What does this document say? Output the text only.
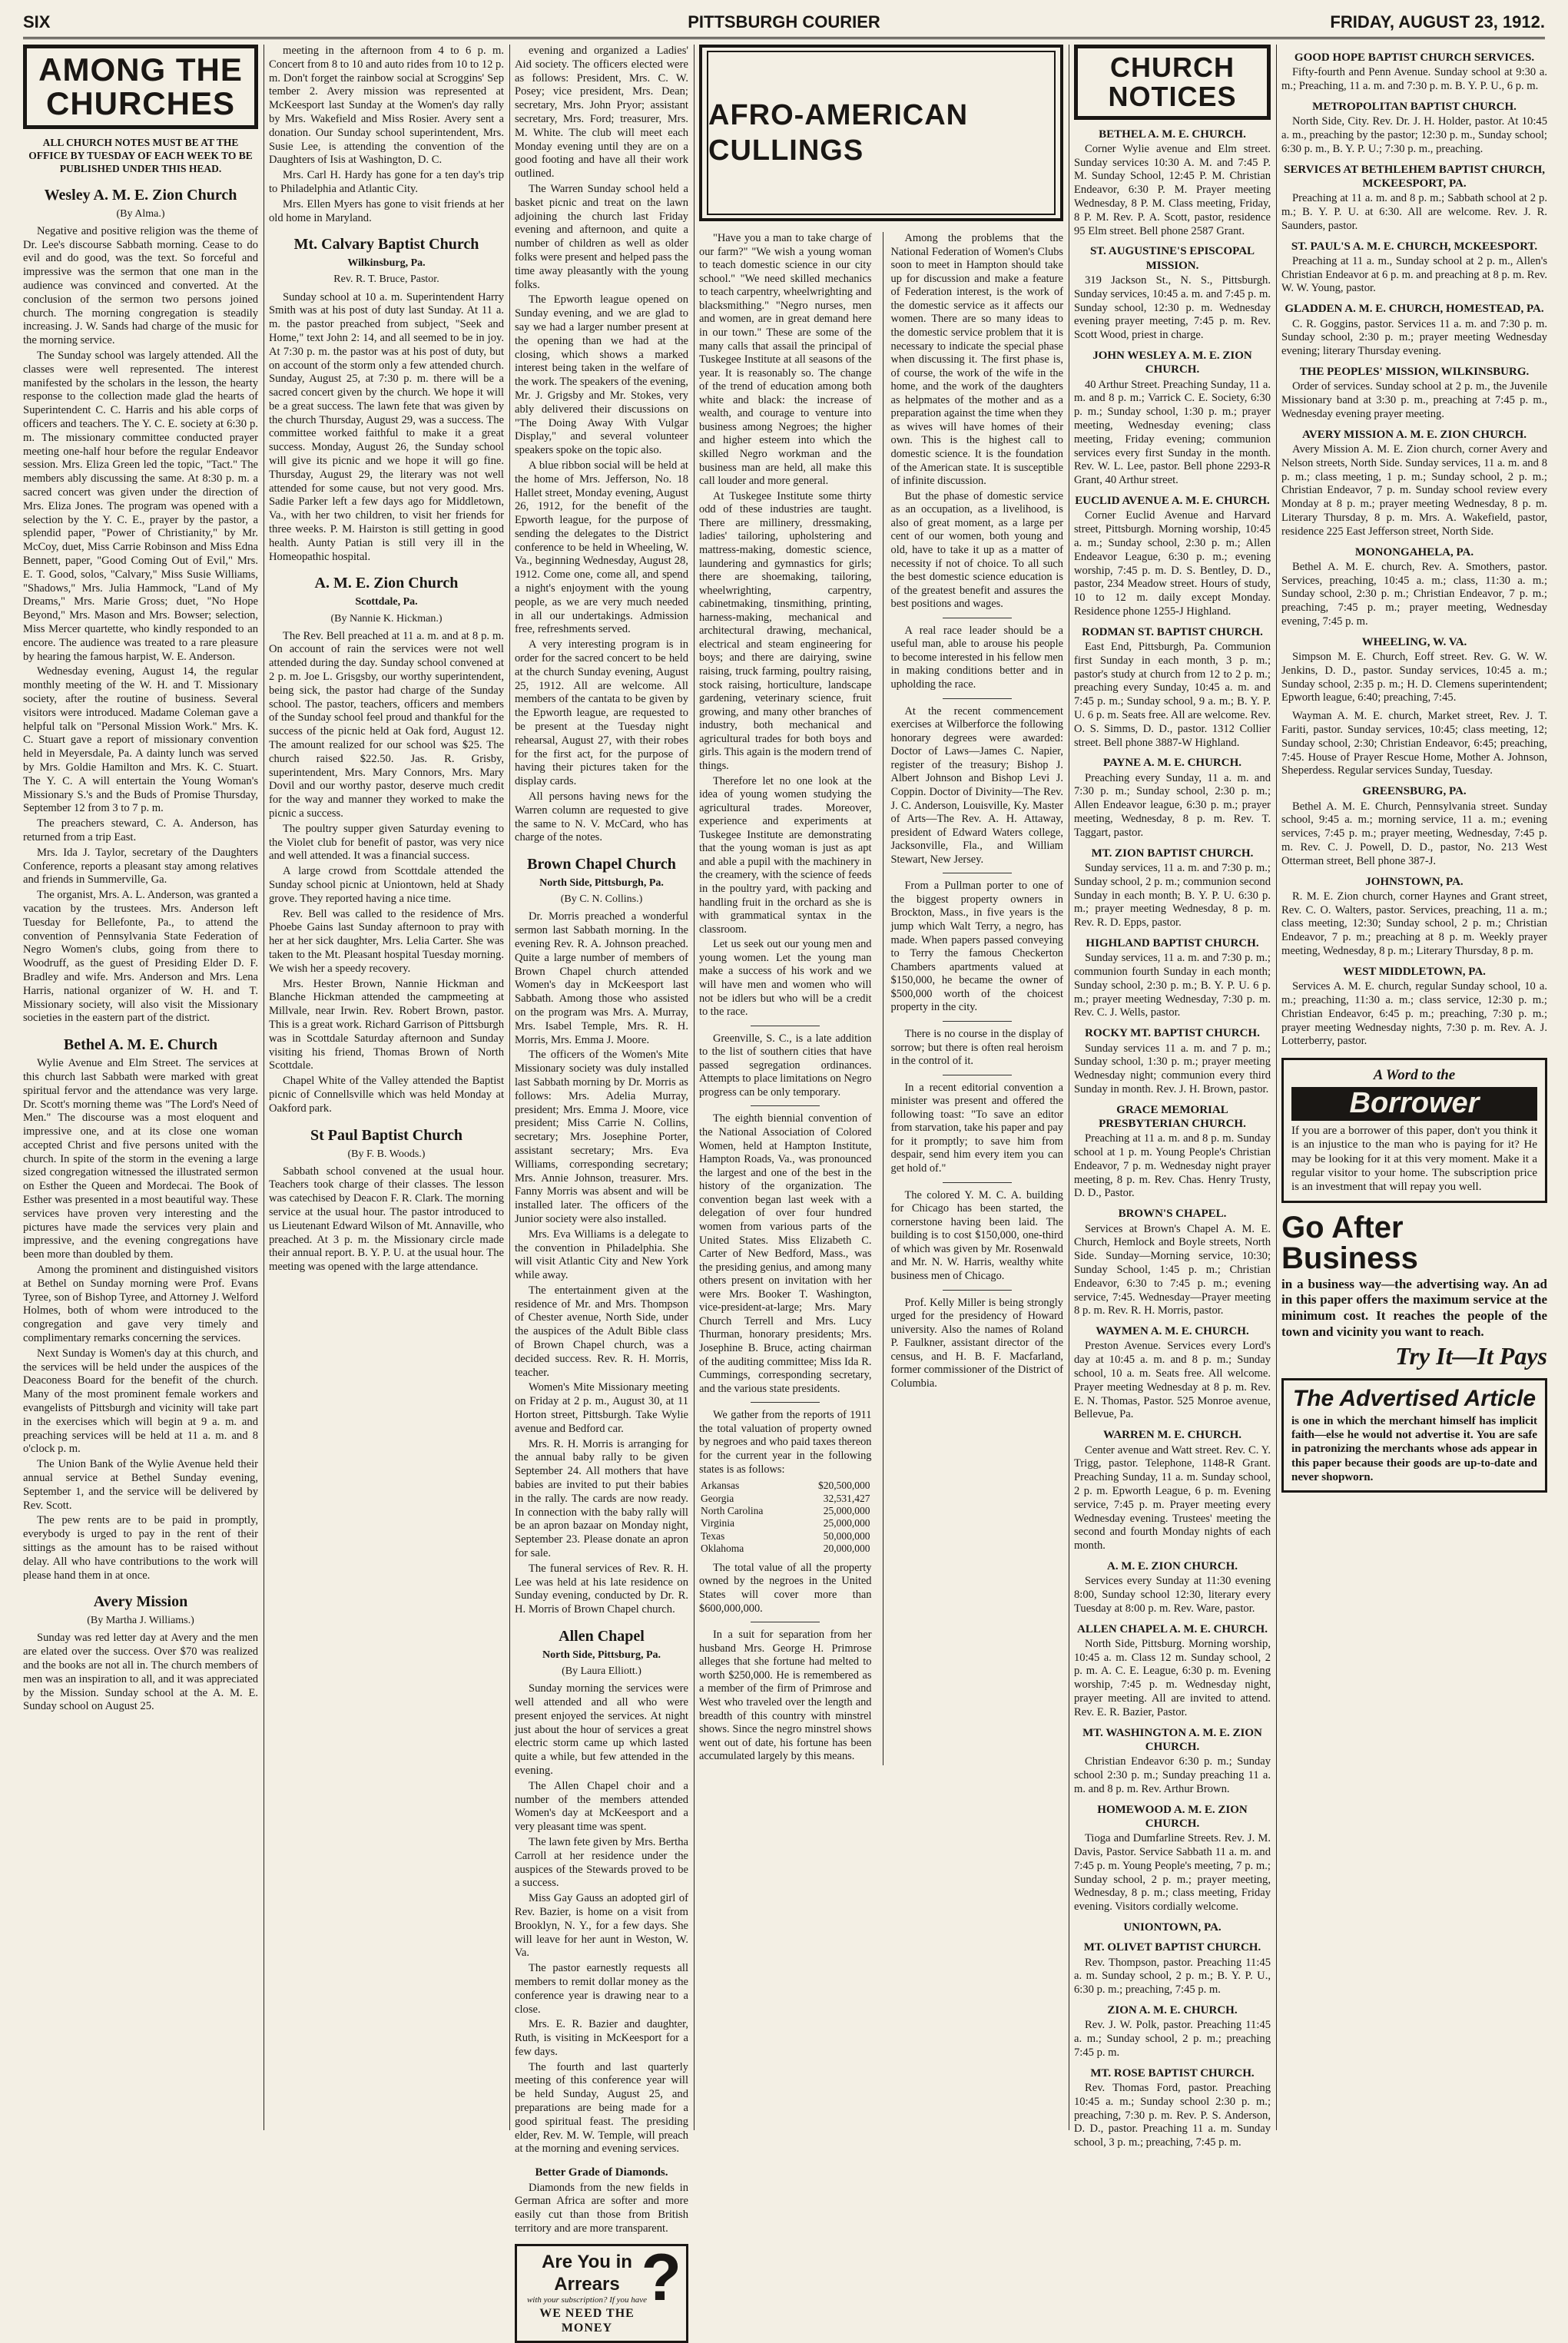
SIX	PITTSBURGH COURIER	FRIDAY, AUGUST 23, 1912.
AMONG THE CHURCHES
ALL CHURCH NOTES MUST BE AT THE OFFICE BY TUESDAY OF EACH WEEK TO BE PUBLISHED UNDER THIS HEAD.
Wesley A. M. E. Zion Church
(By Alma.)

Negative and positive religion was the theme of Dr. Lee's discourse Sabbath morning. Cease to do evil and do good, was the text. So forceful and impressive was the sermon that one man in the audience was convinced and converted. At the conclusion of the sermon two persons joined church. The morning congregation is steadily increasing. J. W. Sands had charge of the music for the morning service.

The Sunday school was largely attended. All the classes were well represented. The interest manifested by the scholars in the lesson, the hearty response to the collection made glad the hearts of Superintendent C. C. Harris and his able corps of officers and teachers. The Y. C. E. society at 6:30 p. m. The missionary committee conducted prayer meeting one-half hour before the regular Endeavor session. Mrs. Eliza Green led the topic, "Tact." The members ably discussing the same. At 8:30 p. m. a sacred concert was given under the direction of Mrs. Eliza Jones. The program was opened with a selection by the Y. C. E., prayer by the pastor, a splendid paper, "Power of Christianity," by Mr. McCoy, duet, Miss Carrie Robinson and Miss Edna Bennett, paper, "Good Coming Out of Evil," Mrs. E. T. Good, solos, "Calvary," Miss Susie Williams, "Shadows," Mrs. Julia Hammock, "Land of My Dreams," Mrs. Marie Gross; duet, "No Hope Beyond," Mrs. Mason and Mrs. Bowser; selection, Miss Mercer quartette, who kindly responded to an encore. The audience was treated to a rare pleasure by hearing the famous harpist, W. E. Anderson.

Wednesday evening, August 14, the regular monthly meeting of the W. H. and T. Missionary society, after the routine of business. Several visitors were introduced. Madame Coleman gave a helpful talk on "Personal Mission Work." Mrs. K. C. Stuart gave a report of missionary convention held in Meyersdale, Pa. A dainty lunch was served by Mrs. Goldie Hamilton and Mrs. K. C. Stuart. The Y. C. A will entertain the Young Woman's Missionary S.'s and the Buds of Promise Thursday, September 12 from 3 to 7 p. m.

The preachers steward, C. A. Anderson, has returned from a trip East.

Mrs. Ida J. Taylor, secretary of the Daughters Conference, reports a pleasant stay among relatives and friends in Summerville, Ga.

The organist, Mrs. A. L. Anderson, was granted a vacation by the trustees. Mrs. Anderson left Tuesday for Bellefonte, Pa., to attend the convention of Pennsylvania State Federation of Negro Women's clubs, going from there to Woodruff, as the guest of Presiding Elder D. F. Bradley and wife. Mrs. Anderson and Mrs. Lena Harris, national organizer of W. H. and T. Missionary society, will also visit the Missionary societies in the eastern part of the district.

Bethel A. M. E. Church

Wylie Avenue and Elm Street. The services at this church last Sabbath were marked with great spiritual fervor and the attendance was very large. Dr. Scott's morning theme was "The Lord's Need of Men." The discourse was a most eloquent and impressive one, and at its close one woman accepted Christ and five persons united with the church. In spite of the storm in the evening a large sized congregation witnessed the illustrated sermon on Esther the Queen and Mordecai. The Book of Esther was presented in a most beautiful way. These services have proven very interesting and the pictures have made the services very plain and impressive, and the evening congregations have been more than doubled by them.

Among the prominent and distinguished visitors at Bethel on Sunday morning were Prof. Evans Tyree, son of Bishop Tyree, and Attorney J. Welford Holmes, both of whom were introduced to the congregation and gave very timely and complimentary remarks concerning the services.

Next Sunday is Women's day at this church, and the services will be held under the auspices of the Deaconess Board for the benefit of the church. Many of the most prominent female workers and evangelists of Pittsburgh and vicinity will take part in the exercises which will begin at 9 a. m. and preaching services will be held at 11 a. m. and 8 o'clock p. m.

The Union Bank of the Wylie Avenue held their annual service at Bethel Sunday evening, September 1, and the service will be delivered by Rev. Scott.

The pew rents are to be paid in promptly, everybody is urged to pay in the rent of their sittings as the amount has to be raised without delay. All who have contributions to the work will please hand them in at once.

Avery Mission
(By Martha J. Williams.)

Sunday was red letter day at Avery and the men are elated over the success. Over $70 was realized and the books are not all in. The church members of men was an inspiration to all, and it was appreciated by the Mission. Sunday school at the A. M. E. Sunday school on August 25.

meeting in the afternoon from 4 to 6 p. m. Concert from 8 to 10 and auto rides from 10 to 12 p. m. Don't forget the rainbow social at Scroggins' Sep tember 2. Avery mission was represented at McKeesport last Sunday at the Women's day rally by Mrs. Wakefield and Miss Rosier. Avery sent a donation. Our Sunday school superintendent, Mrs. Susie Lee, is attending the convention of the Daughters of Isis at Washington, D. C.

Mrs. Carl H. Hardy has gone for a ten day's trip to Philadelphia and Atlantic City.

Mrs. Ellen Myers has gone to visit friends at her old home in Maryland.

Mt. Calvary Baptist Church
Wilkinsburg, Pa.
Rev. R. T. Bruce, Pastor.

Sunday school at 10 a. m. Superintendent Harry Smith was at his post of duty last Sunday. At 11 a. m. the pastor preached from subject, "Seek and Home," text John 2: 14, and all seemed to be in joy. At 7:30 p. m. the pastor was at his post of duty, but on account of the storm only a few attended church. Sunday, August 25, at 7:30 p. m. there will be a sacred concert given by the church. We hope it will be a great success. The lawn fete that was given by the church Thursday, August 29, was a success. The committee worked faithful to make it a great success. Monday, August 26, the Sunday school will give its picnic and we hope it will go fine. Thursday, August 29, the literary was not well attended for some cause, but not very good. Mrs. Sadie Parker left a few days ago for Middletown, Va., with her two children, to visit her friends for three weeks. P. M. Hairston is still getting in good health. Aunty Patian is still very ill in the Homeopathic hospital.

A. M. E. Zion Church
Scottdale, Pa.
(By Nannie K. Hickman.)

The Rev. Bell preached at 11 a. m. and at 8 p. m. On account of rain the services were not well attended during the day. Sunday school convened at 2 p. m. Joe L. Grisgsby, our worthy superintendent, being sick, the pastor had charge of the Sunday school. The pastor, teachers, officers and members of the Sunday school feel proud and thankful for the success of the picnic held at Oak ford, August 12. The amount realized for our school was $25. The church raised $22.50. Jas. R. Grisby, superintendent, Mrs. Mary Connors, Mrs. Mary Dovil and our worthy pastor, deserve much credit for the way and manner they worked to make the picnic a success.

The poultry supper given Saturday evening to the Violet club for benefit of pastor, was very nice and well attended. It was a financial success.

A large crowd from Scottdale attended the Sunday school picnic at Uniontown, held at Shady grove. They reported having a nice time.

Rev. Bell was called to the residence of Mrs. Phoebe Gains last Sunday afternoon to pray with her at her sick daughter, Mrs. Lelia Carter. She was taken to the Mt. Pleasant hospital Tuesday morning. We wish her a speedy recovery.

Mrs. Hester Brown, Nannie Hickman and Blanche Hickman attended the campmeeting at Millvale, near Irwin. Rev. Robert Brown, pastor. This is a great work. Richard Garrison of Pittsburgh was in Scottdale Saturday afternoon and Sunday visiting his friend, Thomas Brown of North Scottdale.

Chapel White of the Valley attended the Baptist picnic of Connellsville which was held Monday at Oakford park.

St Paul Baptist Church
(By F. B. Woods.)

Sabbath school convened at the usual hour. Teachers took charge of their classes. The lesson was catechised by Deacon F. R. Clark. The morning service at the usual hour. The pastor introduced to us Lieutenant Edward Wilson of Mt. Annaville, who preached. At 3 p. m. the Missionary circle made their annual report. B. Y. P. U. at the usual hour. The meeting was opened with the large attendance.

evening and organized a Ladies' Aid society. The officers elected were as follows: President, Mrs. C. W. Posey; vice president, Mrs. Dean; secretary, Mrs. John Pryor; assistant secretary, Mrs. Ford; treasurer, Mrs. M. White. The club will meet each Monday evening until they are on a good footing and have all their work outlined.

The Warren Sunday school held a basket picnic and treat on the lawn adjoining the church last Friday evening and afternoon, and quite a number of children as well as older folks were present and helped pass the time away pleasantly with the young folks.

The Epworth league opened on Sunday evening, and we are glad to say we had a larger number present at the opening than we had at the closing, which shows a marked interest being taken in the welfare of the work. The speakers of the evening, Mr. J. Grigsby and Mr. Stokes, very ably delivered their discussions on "The Doing Away With Vulgar Display," and several volunteer speakers spoke on the topic also.

A blue ribbon social will be held at the home of Mrs. Jefferson, No. 18 Hallet street, Monday evening, August 26, 1912, for the benefit of the Epworth league, for the purpose of sending the delegates to the District conference to be held in Wheeling, W. Va., beginning Wednesday, August 28, 1912. Come one, come all, and spend a night's enjoyment with the young people, as we are very much needed in all our undertakings. Admission free, refreshments served.

A very interesting program is in order for the sacred concert to be held at the church Sunday evening, August 25, 1912. All are welcome. All members of the cantata to be given by the Epworth league, are requested to be present at the Tuesday night rehearsal, August 27, with their robes for the first act, for the purpose of having their pictures taken for the display cards.

All persons having news for the Warren column are requested to give the same to N. V. McCard, who has charge of the notes.

Brown Chapel Church
North Side, Pittsburgh, Pa.
(By C. N. Collins.)

Dr. Morris preached a wonderful sermon last Sabbath morning. In the evening Rev. R. A. Johnson preached. Quite a large number of members of Brown Chapel church attended Women's day in McKeesport last Sabbath. Among those who assisted on the program was Mrs. A. Murray, Mrs. Isabel Temple, Mrs. R. H. Morris, Mrs. Emma J. Moore.

The officers of the Women's Mite Missionary society was duly installed last Sabbath morning by Dr. Morris as follows: Mrs. Adelia Murray, president; Mrs. Emma J. Moore, vice president; Miss Carrie N. Collins, secretary; Mrs. Josephine Porter, assistant secretary; Mrs. Eva Williams, corresponding secretary; Mrs. Annie Johnson, treasurer. Mrs. Fanny Morris was absent and will be installed later. The officers of the Junior society were also installed.

Mrs. Eva Williams is a delegate to the convention in Philadelphia. She will visit Atlantic City and New York while away.

The entertainment given at the residence of Mr. and Mrs. Thompson of Chester avenue, North Side, under the auspices of the Adult Bible class of Brown Chapel church, was a decided success. Rev. R. H. Morris, teacher.

Women's Mite Missionary meeting on Friday at 2 p. m., August 30, at 11 Horton street, Pittsburgh. Take Wylie avenue and Bedford car.

Mrs. R. H. Morris is arranging for the annual baby rally to be given September 24. All mothers that have babies are invited to put their babies in the rally. The cards are now ready. In connection with the baby rally will be an apron bazaar on Monday night, September 23. Please donate an apron for sale.

The funeral services of Rev. R. H. Lee was held at his late residence on Sunday evening, conducted by Dr. R. H. Morris of Brown Chapel church.

Allen Chapel
North Side, Pittsburg, Pa.
(By Laura Elliott.)

Sunday morning the services were well attended and all who were present enjoyed the services. At night just about the hour of services a great electric storm came up which lasted quite a while, but few attended in the evening.

The Allen Chapel choir and a number of the members attended Women's day at McKeesport and a very pleasant time was spent.

The lawn fete given by Mrs. Bertha Carroll at her residence under the auspices of the Stewards proved to be a success.

Miss Gay Gauss an adopted girl of Rev. Bazier, is home on a visit from Brooklyn, N. Y., for a few days. She will leave for her aunt in Weston, W. Va.

The pastor earnestly requests all members to remit dollar money as the conference year is drawing near to a close.

Mrs. E. R. Bazier and daughter, Ruth, is visiting in McKeesport for a few days.

The fourth and last quarterly meeting of this conference year will be held Sunday, August 25, and preparations are being made for a good spiritual feast. The presiding elder, Rev. M. W. Temple, will preach at the morning and evening services.

Better Grade of Diamonds.

Diamonds from the new fields in German Africa are softer and more easily cut than those from British territory and are more transparent.

Are You in Arrears
with your subscription? If you have
WE NEED THE MONEY
?
AFRO-AMERICAN CULLINGS

"Have you a man to take charge of our farm?" "We wish a young woman to teach domestic science in our city school." "We need skilled mechanics to teach carpentry, wheelwrighting and blacksmithing." "Negro nurses, men and women, are in great demand here in our town." These are some of the many calls that assail the principal of Tuskegee Institute at all seasons of the year. It is reasonably so. The change of the trend of education among both white and black: the increase of wealth, and courage to venture into business among Negroes; the higher and higher esteem into which the skilled Negro workman and the business man are held, all make this call louder and more general.

At Tuskegee Institute some thirty odd of these industries are taught. There are millinery, dressmaking, ladies' tailoring, upholstering and mattress-making, domestic science, laundering and gymnastics for girls; there are shoemaking, tailoring, wheelwrighting, carpentry, cabinetmaking, tinsmithing, printing, harness-making, mechanical and architectural drawing, mechanical, electrical and steam engineering for boys; and there are dairying, swine raising, truck farming, poultry raising, stock raising, horticulture, landscape gardening, veterinary science, fruit growing, and many other branches of industry, both mechanical and agricultural trades for both boys and girls. This again is the modern trend of things.

Therefore let no one look at the idea of young women studying the agricultural trades. Moreover, experience and experiments at Tuskegee Institute are demonstrating that the young woman is just as apt and able a pupil with the machinery in the creamery, with the science of feeds in the poultry yard, with packing and handling fruit in the orchard as she is with grammatical syntax in the classroom.

Let us seek out our young men and young women. Let the young man make a success of his work and we will have men and women who will not be idlers but who will be a credit to the race.

Greenville, S. C., is a late addition to the list of southern cities that have passed segregation ordinances. Attempts to place limitations on Negro progress can be only temporary.

The eighth biennial convention of the National Association of Colored Women, held at Hampton Institute, Hampton Roads, Va., was pronounced the largest and one of the best in the history of the organization. The convention began last week with a delegation of over four hundred women from various parts of the United States. Miss Elizabeth C. Carter of New Bedford, Mass., was the presiding genius, and among many others present on invitation with her were Mrs. Booker T. Washington, vice-president-at-large; Mrs. Mary Church Terrell and Mrs. Lucy Thurman, honorary presidents; Mrs. Josephine B. Bruce, acting chairman of the auditing committee; Miss Ida R. Cummings, corresponding secretary, and the various state presidents.

We gather from the reports of 1911 the total valuation of property owned by negroes and who paid taxes thereon for the current year in the following states is as follows:

Arkansas	$20,500,000
Georgia	32,531,427
North Carolina	25,000,000
Virginia	25,000,000
Texas	50,000,000
Oklahoma	20,000,000

The total value of all the property owned by the negroes in the United States will cover more than $600,000,000.

In a suit for separation from her husband Mrs. George H. Primrose alleges that she fortune had melted to worth $250,000. He is remembered as a member of the firm of Primrose and West who traveled over the length and breadth of this country with minstrel shows. Since the negro minstrel shows went out of date, his fortune has been accumulated largely by this means.

Among the problems that the National Federation of Women's Clubs soon to meet in Hampton should take up for discussion and make a feature of Federation interest, is the work of the domestic service as it affects our women. There are so many ideas to the domestic service problem that it is necessary to indicate the special phase when discussing it. The first phase is, of course, the work of the wife in the home, and the work of the daughters as helpmates of the mother and as a preparation against the time when they as wives will have homes of their own. This is the highest call to domestic science. It is the foundation of the American state. It is susceptible of infinite discussion.

But the phase of domestic service as an occupation, as a livelihood, is also of great moment, as a large per cent of our women, both young and old, have to take it up as a matter of necessity if not of choice. To all such the best domestic science education is of the greatest benefit and assures the best positions and wages.

A real race leader should be a useful man, able to arouse his people to become interested in his fellow men in making conditions better and in upholding the race.

At the recent commencement exercises at Wilberforce the following honorary degrees were awarded: Doctor of Laws—James C. Napier, register of the treasury; Bishop J. Albert Johnson and Bishop Levi J. Coppin. Doctor of Divinity—The Rev. J. C. Anderson, Louisville, Ky. Master of Arts—The Rev. A. H. Attaway, president of Edward Waters college, Jacksonville, Fla., and William Stewart, New Jersey.

From a Pullman porter to one of the biggest property owners in Brockton, Mass., in five years is the jump which Walt Terry, a negro, has made. When papers passed conveying to Terry the famous Checkerton Chambers apartments valued at $150,000, he became the owner of $500,000 worth of the choicest property in the city.

There is no course in the display of sorrow; but there is often real heroism in the control of it.

In a recent editorial convention a minister was present and offered the following toast: "To save an editor from starvation, take his paper and pay for it promptly; to save him from despair, send him every item you can get hold of."

The colored Y. M. C. A. building for Chicago has been started, the cornerstone having been laid. The building is to cost $150,000, one-third of which was given by Mr. Rosenwald and Mr. N. W. Harris, wealthy white business men of Chicago.

Prof. Kelly Miller is being strongly urged for the presidency of Howard university. Also the names of Roland P. Faulkner, assistant director of the census, and H. B. F. Macfarland, former commissioner of the District of Columbia.

CHURCH NOTICES
BETHEL A. M. E. CHURCH.

Corner Wylie avenue and Elm street. Sunday services 10:30 A. M. and 7:45 P. M. Sunday School, 12:45 P. M. Christian Endeavor, 6:30 P. M. Prayer meeting Wednesday, 8 P. M. Class meeting, Friday, 8 P. M. Rev. P. A. Scott, pastor, residence 95 Elm street. Bell phone 2587 Grant.

ST. AUGUSTINE'S EPISCOPAL MISSION.

319 Jackson St., N. S., Pittsburgh. Sunday services, 10:45 a. m. and 7:45 p. m. Sunday school, 12:30 p. m. Wednesday evening prayer meeting, 7:45 p. m. Rev. Scott Wood, priest in charge.

JOHN WESLEY A. M. E. ZION CHURCH.

40 Arthur Street. Preaching Sunday, 11 a. m. and 8 p. m.; Varrick C. E. Society, 6:30 p. m.; Sunday school, 1:30 p. m.; prayer meeting, Wednesday evening; class meeting, Friday evening; communion services every first Sunday in the month. Rev. W. L. Lee, pastor. Bell phone 2293-R Grant, 40 Arthur street.

EUCLID AVENUE A. M. E. CHURCH.

Corner Euclid Avenue and Harvard street, Pittsburgh. Morning worship, 10:45 a. m.; Sunday school, 2:30 p. m.; Allen Endeavor League, 6:30 p. m.; evening worship, 7:45 p. m. D. S. Bentley, D. D., pastor, 234 Meadow street. Hours of study, 10 to 12 m. daily except Monday. Residence phone 1255-J Highland.

RODMAN ST. BAPTIST CHURCH.

East End, Pittsburgh, Pa. Communion first Sunday in each month, 3 p. m.; pastor's study at church from 12 to 2 p. m.; preaching every Sunday, 10:45 a. m. and 7:45 p. m.; Sunday school, 9 a. m.; B. Y. P. U. 6 p. m. Seats free. All are welcome. Rev. O. S. Simms, D. D., pastor. 1312 Collier street. Bell phone 3887-W Highland.

PAYNE A. M. E. CHURCH.

Preaching every Sunday, 11 a. m. and 7:30 p. m.; Sunday school, 2:30 p. m.; Allen Endeavor league, 6:30 p. m.; prayer meeting, Wednesday, 8 p. m. Rev. T. Taggart, pastor.

MT. ZION BAPTIST CHURCH.

Sunday services, 11 a. m. and 7:30 p. m.; Sunday school, 2 p. m.; communion second Sunday in each month; B. Y. P. U. 6:30 p. m.; prayer meeting Wednesday, 8 p. m. Rev. R. D. Epps, pastor.

HIGHLAND BAPTIST CHURCH.

Sunday services, 11 a. m. and 7:30 p. m.; communion fourth Sunday in each month; Sunday school, 2:30 p. m.; B. Y. P. U. 6 p. m.; prayer meeting Wednesday, 7:30 p. m. Rev. C. J. Wells, pastor.

ROCKY MT. BAPTIST CHURCH.

Sunday services 11 a. m. and 7 p. m.; Sunday school, 1:30 p. m.; prayer meeting Wednesday night; communion every third Sunday in month. Rev. J. H. Brown, pastor.

GRACE MEMORIAL PRESBYTERIAN CHURCH.

Preaching at 11 a. m. and 8 p. m. Sunday school at 1 p. m. Young People's Christian Endeavor, 7 p. m. Wednesday night prayer meeting, 8 p. m. Rev. Chas. Henry Trusty, D. D., Pastor.

BROWN'S CHAPEL.

Services at Brown's Chapel A. M. E. Church, Hemlock and Boyle streets, North Side. Sunday—Morning service, 10:30; Sunday School, 1:45 p. m.; Christian Endeavor, 6:30 to 7:45 p. m.; evening service, 7:45. Wednesday—Prayer meeting 8 p. m. Rev. R. H. Morris, pastor.

WAYMEN A. M. E. CHURCH.

Preston Avenue. Services every Lord's day at 10:45 a. m. and 8 p. m.; Sunday school, 10 a. m. Seats free. All welcome. Prayer meeting Wednesday at 8 p. m. Rev. E. N. Thomas, Pastor. 525 Monroe avenue, Bellevue, Pa.

WARREN M. E. CHURCH.

Center avenue and Watt street. Rev. C. Y. Trigg, pastor. Telephone, 1148-R Grant. Preaching Sunday, 11 a. m. Sunday school, 2 p. m. Epworth League, 6 p. m. Evening service, 7:45 p. m. Prayer meeting every Wednesday evening. Trustees' meeting the second and fourth Monday nights of each month.

A. M. E. ZION CHURCH.

Services every Sunday at 11:30 evening 8:00, Sunday school 12:30, literary every Tuesday at 8:00 p. m. Rev. Ware, pastor.

ALLEN CHAPEL A. M. E. CHURCH.

North Side, Pittsburg. Morning worship, 10:45 a. m. Class 12 m. Sunday school, 2 p. m. A. C. E. League, 6:30 p. m. Evening worship, 7:45 p. m. Wednesday night, prayer meeting. All are invited to attend. Rev. E. R. Bazier, Pastor.

MT. WASHINGTON A. M. E. ZION CHURCH.

Christian Endeavor 6:30 p. m.; Sunday school 2:30 p. m.; Sunday preaching 11 a. m. and 8 p. m. Rev. Arthur Brown.

HOMEWOOD A. M. E. ZION CHURCH.

Tioga and Dumfarline Streets. Rev. J. M. Davis, Pastor. Service Sabbath 11 a. m. and 7:45 p. m. Young People's meeting, 7 p. m.; Sunday school, 2 p. m.; prayer meeting, Wednesday, 8 p. m.; class meeting, Friday evening. Visitors cordially welcome.

UNIONTOWN, PA.
MT. OLIVET BAPTIST CHURCH.

Rev. Thompson, pastor. Preaching 11:45 a. m. Sunday school, 2 p. m.; B. Y. P. U., 6:30 p. m.; preaching, 7:45 p. m.

ZION A. M. E. CHURCH.

Rev. J. W. Polk, pastor. Preaching 11:45 a. m.; Sunday school, 2 p. m.; preaching 7:45 p. m.

MT. ROSE BAPTIST CHURCH.

Rev. Thomas Ford, pastor. Preaching 10:45 a. m.; Sunday school 2:30 p. m.; preaching, 7:30 p. m. Rev. P. S. Anderson, D. D., pastor. Preaching 11 a. m. Sunday school, 3 p. m.; preaching, 7:45 p. m.

GOOD HOPE BAPTIST CHURCH SERVICES.

Fifty-fourth and Penn Avenue. Sunday school at 9:30 a. m.; Preaching, 11 a. m. and 7:30 p. m. B. Y. P. U., 6 p. m.

METROPOLITAN BAPTIST CHURCH.

North Side, City. Rev. Dr. J. H. Holder, pastor. At 10:45 a. m., preaching by the pastor; 12:30 p. m., Sunday school; 6:30 p. m., B. Y. P. U.; 7:30 p. m., preaching.

SERVICES AT BETHLEHEM BAPTIST CHURCH, MCKEESPORT, PA.

Preaching at 11 a. m. and 8 p. m.; Sabbath school at 2 p. m.; B. Y. P. U. at 6:30. All are welcome. Rev. J. R. Saunders, pastor.

ST. PAUL'S A. M. E. CHURCH, MCKEESPORT.

Preaching at 11 a. m., Sunday school at 2 p. m., Allen's Christian Endeavor at 6 p. m. and preaching at 8 p. m. Rev. W. W. Young, pastor.

GLADDEN A. M. E. CHURCH, HOMESTEAD, PA.

C. R. Goggins, pastor. Services 11 a. m. and 7:30 p. m. Sunday school, 2:30 p. m.; prayer meeting Wednesday evening; literary Thursday evening.

THE PEOPLES' MISSION, WILKINSBURG.

Order of services. Sunday school at 2 p. m., the Juvenile Missionary band at 3:30 p. m., preaching at 7:45 p. m., Wednesday evening prayer meeting.

AVERY MISSION A. M. E. ZION CHURCH.

Avery Mission A. M. E. Zion church, corner Avery and Nelson streets, North Side. Sunday services, 11 a. m. and 8 p. m.; class meeting, 1 p. m.; Sunday school, 2 p. m.; Christian Endeavor, 7 p. m. Sunday school review every Monday at 8 p. m.; prayer meeting Wednesday, 8 p. m. Literary Thursday, 8 p. m. Mrs. A. Wakefield, pastor, residence 225 East Jefferson street, North Side.

MONONGAHELA, PA.

Bethel A. M. E. church, Rev. A. Smothers, pastor. Services, preaching, 10:45 a. m.; class, 11:30 a. m.; Sunday school, 2:30 p. m.; Christian Endeavor, 7 p. m.; preaching, 7:45 p. m.; prayer meeting, Wednesday evening, 7:45 p. m.

WHEELING, W. VA.

Simpson M. E. Church, Eoff street. Rev. G. W. W. Jenkins, D. D., pastor. Sunday services, 10:45 a. m.; Sunday school, 2:35 p. m.; H. D. Clemens superintendent; Epworth league, 6:40; preaching, 7:45.

Wayman A. M. E. church, Market street, Rev. J. T. Fariti, pastor. Sunday services, 10:45; class meeting, 12; Sunday school, 2:30; Christian Endeavor, 6:45; preaching, 7:45. House of Prayer Rescue Home, Mother A. Johnson, Sheperdess. Regular services Sunday, Tuesday.

GREENSBURG, PA.

Bethel A. M. E. Church, Pennsylvania street. Sunday school, 9:45 a. m.; morning service, 11 a. m.; evening services, 7:45 p. m.; prayer meeting, Wednesday, 7:45 p. m. Rev. C. J. Powell, D. D., pastor, No. 213 West Otterman street, Bell phone 387-J.

JOHNSTOWN, PA.

R. M. E. Zion church, corner Haynes and Grant street, Rev. C. O. Walters, pastor. Services, preaching, 11 a. m.; class meeting, 12:30; Sunday school, 2 p. m.; Christian Endeavor, 7 p. m.; preaching at 8 p. m. Weekly prayer meeting, Wednesday, 8 p. m.; Literary Thursday, 8 p. m.

WEST MIDDLETOWN, PA.

Services A. M. E. church, regular Sunday school, 10 a. m.; preaching, 11:30 a. m.; class service, 12:30 p. m.; Christian Endeavor, 6:45 p. m.; preaching, 7:30 p. m.; prayer meeting Wednesday nights, 7:30 p. m. Rev. A. J. Lotterberry, pastor.

A Word to the
Borrower
If you are a borrower of this paper, don't you think it is an injustice to the man who is paying for it? He may be looking for it at this very moment. Make it a regular visitor to your home. The subscription price is an investment that will repay you well.
Go After Business
in a business way—the advertising way. An ad in this paper offers the maximum service at the minimum cost. It reaches the people of the town and vicinity you want to reach.
Try It—It Pays
The Advertised Article
is one in which the merchant himself has implicit faith—else he would not advertise it. You are safe in patronizing the merchants whose ads appear in this paper because their goods are up-to-date and never shopworn.
